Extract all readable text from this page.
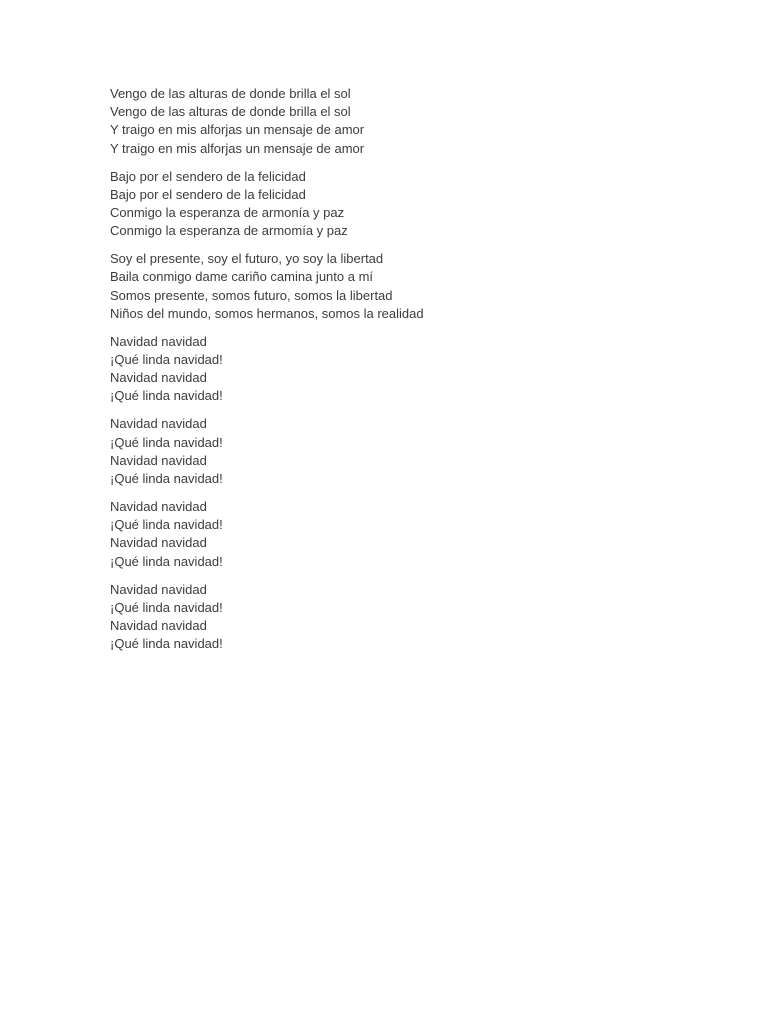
Vengo de las alturas de donde brilla el sol
Vengo de las alturas de donde brilla el sol
Y traigo en mis alforjas un mensaje de amor
Y traigo en mis alforjas un mensaje de amor
Bajo por el sendero de la felicidad
Bajo por el sendero de la felicidad
Conmigo la esperanza de armonía y paz
Conmigo la esperanza de armomía y paz
Soy el presente, soy el futuro, yo soy la libertad
Baila conmigo dame cariño camina junto a mí
Somos presente, somos futuro, somos la libertad
Niños del mundo, somos hermanos, somos la realidad
Navidad navidad
¡Qué linda navidad!
Navidad navidad
¡Qué linda navidad!
Navidad navidad
¡Qué linda navidad!
Navidad navidad
¡Qué linda navidad!
Navidad navidad
¡Qué linda navidad!
Navidad navidad
¡Qué linda navidad!
Navidad navidad
¡Qué linda navidad!
Navidad navidad
¡Qué linda navidad!
